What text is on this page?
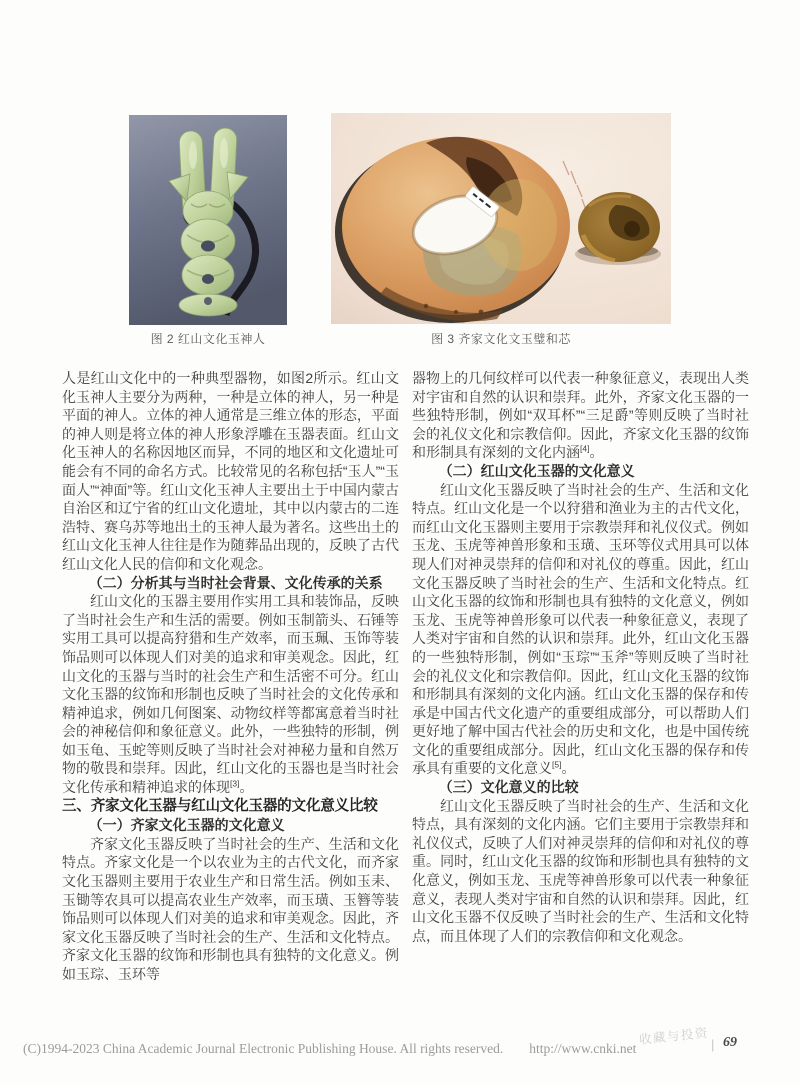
图 2 红山文化玉神人	图 3 齐家文化文玉璧和芯
人是红山文化中的一种典型器物，如图2所示。红山文化玉神人主要分为两种，一种是立体的神人，另一种是平面的神人。立体的神人通常是三维立体的形态，平面的神人则是将立体的神人形象浮雕在玉器表面。红山文化玉神人的名称因地区而异，不同的地区和文化遗址可能会有不同的命名方式。比较常见的名称包括“玉人”“玉面人”“神面”等。红山文化玉神人主要出土于中国内蒙古自治区和辽宁省的红山文化遗址，其中以内蒙古的二连浩特、赛乌苏等地出土的玉神人最为著名。这些出土的红山文化玉神人往往是作为随葬品出现的，反映了古代红山文化人民的信仰和文化观念。
（二）分析其与当时社会背景、文化传承的关系
红山文化的玉器主要用作实用工具和装饰品，反映了当时社会生产和生活的需要。例如玉制箭头、石锤等实用工具可以提高狩猎和生产效率，而玉珮、玉饰等装饰品则可以体现人们对美的追求和审美观念。因此，红山文化的玉器与当时的社会生产和生活密不可分。红山文化玉器的纹饰和形制也反映了当时社会的文化传承和精神追求，例如几何图案、动物纹样等都寓意着当时社会的神秘信仰和象征意义。此外，一些独特的形制，例如玉龟、玉蛇等则反映了当时社会对神秘力量和自然万物的敬畏和崇拜。因此，红山文化的玉器也是当时社会文化传承和精神追求的体现[3]。
三、齐家文化玉器与红山文化玉器的文化意义比较
（一）齐家文化玉器的文化意义
齐家文化玉器反映了当时社会的生产、生活和文化特点。齐家文化是一个以农业为主的古代文化，而齐家文化玉器则主要用于农业生产和日常生活。例如玉耒、玉锄等农具可以提高农业生产效率，而玉璜、玉簪等装饰品则可以体现人们对美的追求和审美观念。因此，齐家文化玉器反映了当时社会的生产、生活和文化特点。齐家文化玉器的纹饰和形制也具有独特的文化意义。例如玉琮、玉环等
器物上的几何纹样可以代表一种象征意义，表现出人类对宇宙和自然的认识和崇拜。此外，齐家文化玉器的一些独特形制，例如“双耳杯”“三足爵”等则反映了当时社会的礼仪文化和宗教信仰。因此，齐家文化玉器的纹饰和形制具有深刻的文化内涵[4]。
（二）红山文化玉器的文化意义
红山文化玉器反映了当时社会的生产、生活和文化特点。红山文化是一个以狩猎和渔业为主的古代文化，而红山文化玉器则主要用于宗教崇拜和礼仪仪式。例如玉龙、玉虎等神兽形象和玉璜、玉环等仪式用具可以体现人们对神灵崇拜的信仰和对礼仪的尊重。因此，红山文化玉器反映了当时社会的生产、生活和文化特点。红山文化玉器的纹饰和形制也具有独特的文化意义，例如玉龙、玉虎等神兽形象可以代表一种象征意义，表现了人类对宇宙和自然的认识和崇拜。此外，红山文化玉器的一些独特形制，例如“玉琮”“玉斧”等则反映了当时社会的礼仪文化和宗教信仰。因此，红山文化玉器的纹饰和形制具有深刻的文化内涵。红山文化玉器的保存和传承是中国古代文化遗产的重要组成部分，可以帮助人们更好地了解中国古代社会的历史和文化，也是中国传统文化的重要组成部分。因此，红山文化玉器的保存和传承具有重要的文化意义[5]。
（三）文化意义的比较
红山文化玉器反映了当时社会的生产、生活和文化特点，具有深刻的文化内涵。它们主要用于宗教崇拜和礼仪仪式，反映了人们对神灵崇拜的信仰和对礼仪的尊重。同时，红山文化玉器的纹饰和形制也具有独特的文化意义，例如玉龙、玉虎等神兽形象可以代表一种象征意义，表现人类对宇宙和自然的认识和崇拜。因此，红山文化玉器不仅反映了当时社会的生产、生活和文化特点，而且体现了人们的宗教信仰和文化观念。
(C)1994-2023 China Academic Journal Electronic Publishing House. All rights reserved. http://www.cnki.net
收藏与投资 | 69
